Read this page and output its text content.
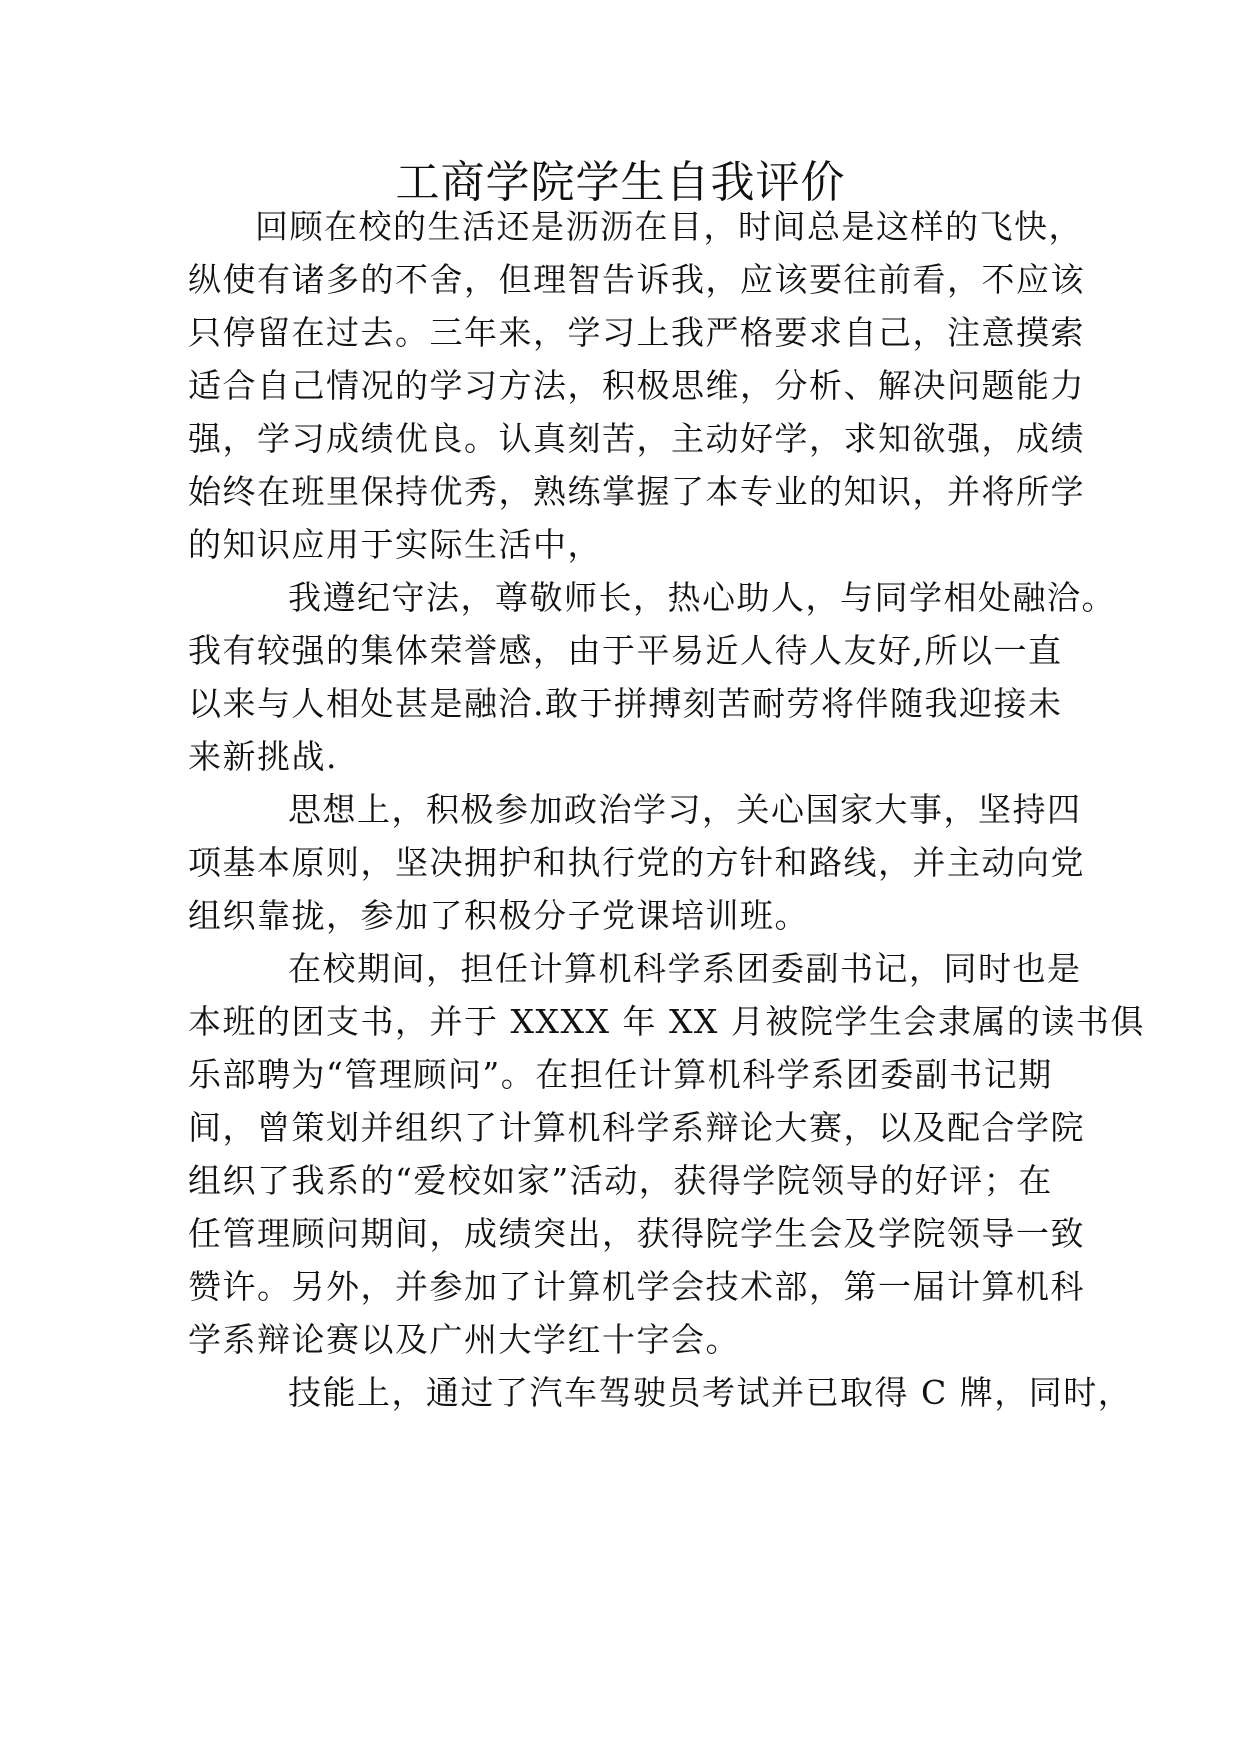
工商学院学生自我评价
回顾在校的生活还是沥沥在目，时间总是这样的飞快，
纵使有诸多的不舍，但理智告诉我，应该要往前看，不应该
只停留在过去。三年来，学习上我严格要求自己，注意摸索
适合自己情况的学习方法，积极思维，分析、解决问题能力
强，学习成绩优良。认真刻苦，主动好学，求知欲强，成绩
始终在班里保持优秀，熟练掌握了本专业的知识，并将所学
的知识应用于实际生活中，
我遵纪守法，尊敬师长，热心助人，与同学相处融洽。
我有较强的集体荣誉感，由于平易近人待人友好,所以一直
以来与人相处甚是融洽.敢于拼搏刻苦耐劳将伴随我迎接未
来新挑战.
思想上，积极参加政治学习，关心国家大事，坚持四
项基本原则，坚决拥护和执行党的方针和路线，并主动向党
组织靠拢，参加了积极分子党课培训班。
在校期间，担任计算机科学系团委副书记，同时也是
本班的团支书，并于 XXXX 年 XX 月被院学生会隶属的读书俱
乐部聘为“管理顾问”。在担任计算机科学系团委副书记期
间，曾策划并组织了计算机科学系辩论大赛，以及配合学院
组织了我系的“爱校如家”活动，获得学院领导的好评；在
任管理顾问期间，成绩突出，获得院学生会及学院领导一致
赞许。另外，并参加了计算机学会技术部，第一届计算机科
学系辩论赛以及广州大学红十字会。
技能上，通过了汽车驾驶员考试并已取得 C 牌，同时，
